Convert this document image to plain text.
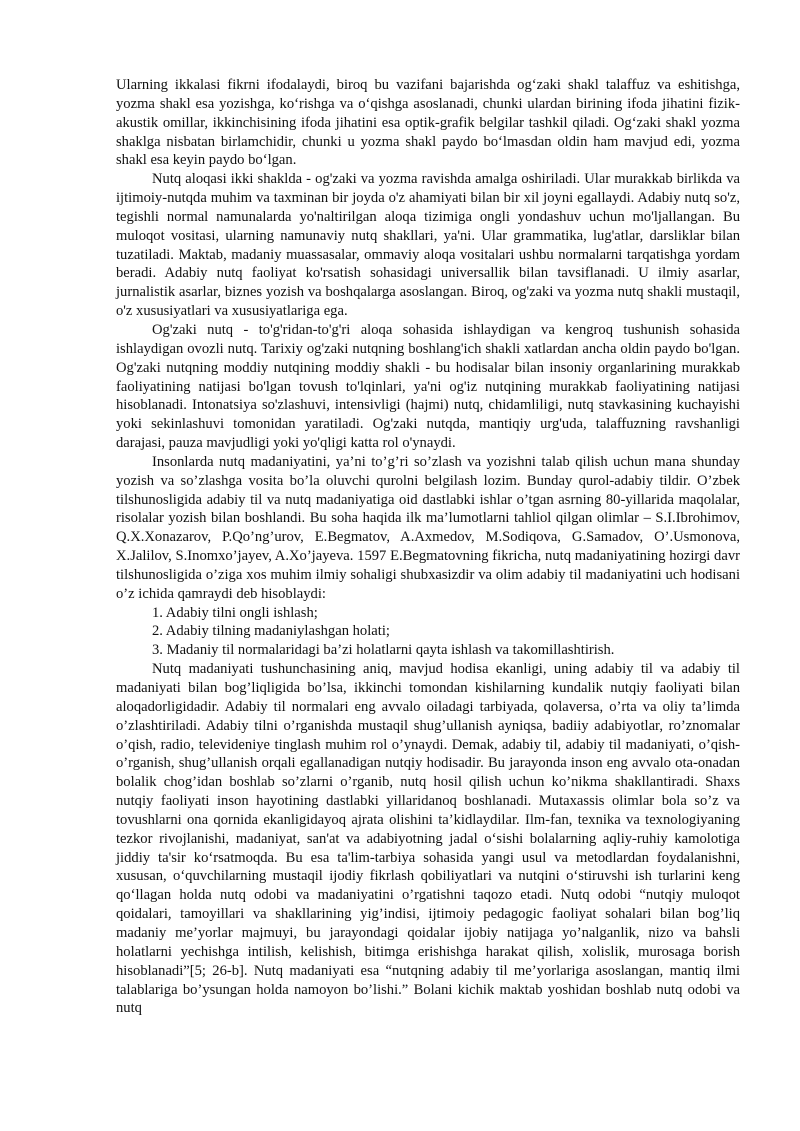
Ularning ikkalasi fikrni ifodalaydi, biroq bu vazifani bajarishda og‘zaki shakl talaffuz va eshitishga, yozma shakl esa yozishga, ko‘rishga va o‘qishga asoslanadi, chunki ulardan birining ifoda jihatini fizik-akustik omillar, ikkinchisining ifoda jihatini esa optik-grafik belgilar tashkil qiladi. Og‘zaki shakl yozma shaklga nisbatan birlamchidir, chunki u yozma shakl paydo bo‘lmasdan oldin ham mavjud edi, yozma shakl esa keyin paydo bo‘lgan.

Nutq aloqasi ikki shaklda - og'zaki va yozma ravishda amalga oshiriladi. Ular murakkab birlikda va ijtimoiy-nutqda muhim va taxminan bir joyda o'z ahamiyati bilan bir xil joyni egallaydi. Adabiy nutq so'z, tegishli normal namunalarda yo'naltirilgan aloqa tizimiga ongli yondashuv uchun mo'ljallangan. Bu muloqot vositasi, ularning namunaviy nutq shakllari, ya'ni. Ular grammatika, lug'atlar, darsliklar bilan tuzatiladi. Maktab, madaniy muassasalar, ommaviy aloqa vositalari ushbu normalarni tarqatishga yordam beradi. Adabiy nutq faoliyat ko'rsatish sohasidagi universallik bilan tavsiflanadi. U ilmiy asarlar, jurnalistik asarlar, biznes yozish va boshqalarga asoslangan. Biroq, og'zaki va yozma nutq shakli mustaqil, o'z xususiyatlari va xususiyatlariga ega.

Og'zaki nutq - to'g'ridan-to'g'ri aloqa sohasida ishlaydigan va kengroq tushunish sohasida ishlaydigan ovozli nutq. Tarixiy og'zaki nutqning boshlang'ich shakli xatlardan ancha oldin paydo bo'lgan. Og'zaki nutqning moddiy nutqining moddiy shakli - bu hodisalar bilan insoniy organlarining murakkab faoliyatining natijasi bo'lgan tovush to'lqinlari, ya'ni og'iz nutqining murakkab faoliyatining natijasi hisoblanadi. Intonatsiya so'zlashuvi, intensivligi (hajmi) nutq, chidamliligi, nutq stavkasining kuchayishi yoki sekinlashuvi tomonidan yaratiladi. Og'zaki nutqda, mantiqiy urg'uda, talaffuzning ravshanligi darajasi, pauza mavjudligi yoki yo'qligi katta rol o'ynaydi.

Insonlarda nutq madaniyatini, ya’ni to’g’ri so’zlash va yozishni talab qilish uchun mana shunday yozish va so’zlashga vosita bo’la oluvchi qurolni belgilash lozim. Bunday qurol-adabiy tildir. O’zbek tilshunosligida adabiy til va nutq madaniyatiga oid dastlabki ishlar o’tgan asrning 80-yillarida maqolalar, risolalar yozish bilan boshlandi. Bu soha haqida ilk ma’lumotlarni tahliol qilgan olimlar – S.I.Ibrohimov, Q.X.Xonazarov, P.Qo’ng’urov, E.Begmatov, A.Axmedov, M.Sodiqova, G.Samadov, O’.Usmonova, X.Jalilov, S.Inomxo’jayev, A.Xo’jayeva. 1597 E.Begmatovning fikricha, nutq madaniyatining hozirgi davr tilshunosligida o’ziga xos muhim ilmiy sohaligi shubxasizdir va olim adabiy til madaniyatini uch hodisani o’z ichida qamraydi deb hisoblaydi:

1. Adabiy tilni ongli ishlash;

2. Adabiy tilning madaniylashgan holati;

3. Madaniy til normalaridagi ba’zi holatlarni qayta ishlash va takomillashtirish.

Nutq madaniyati tushunchasining aniq, mavjud hodisa ekanligi, uning adabiy til va adabiy til madaniyati bilan bog’liqligida bo’lsa, ikkinchi tomondan kishilarning kundalik nutqiy faoliyati bilan aloqadorligidadir. Adabiy til normalari eng avvalo oiladagi tarbiyada, qolaversa, o’rta va oliy ta’limda o’zlashtiriladi. Adabiy tilni o’rganishda mustaqil shug’ullanish ayniqsa, badiiy adabiyotlar, ro’znomalar o’qish, radio, televideniye tinglash muhim rol o’ynaydi. Demak, adabiy til, adabiy til madaniyati, o’qish-o’rganish, shug’ullanish orqali egallanadigan nutqiy hodisadir. Bu jarayonda inson eng avvalo ota-onadan bolalik chog’idan boshlab so’zlarni o’rganib, nutq hosil qilish uchun ko’nikma shakllantiradi. Shaxs nutqiy faoliyati inson hayotining dastlabki yillaridanoq boshlanadi. Mutaxassis olimlar bola so’z va tovushlarni ona qornida ekanligidayoq ajrata olishini ta’kidlaydilar. Ilm-fan, texnika va texnologiyaning tezkor rivojlanishi, madaniyat, san'at va adabiyotning jadal o‘sishi bolalarning aqliy-ruhiy kamolotiga jiddiy ta'sir ko‘rsatmoqda. Bu esa ta'lim-tarbiya sohasida yangi usul va metodlardan foydalanishni, xususan, o‘quvchilarning mustaqil ijodiy fikrlash qobiliyatlari va nutqini o‘stiruvshi ish turlarini keng qo‘llagan holda nutq odobi va madaniyatini o’rgatishni taqozo etadi. Nutq odobi “nutqiy muloqot qoidalari, tamoyillari va shakllarining yig’indisi, ijtimoiy pedagogic faoliyat sohalari bilan bog’liq madaniy me’yorlar majmuyi, bu jarayondagi qoidalar ijobiy natijaga yo’nalganlik, nizo va bahsli holatlarni yechishga intilish, kelishish, bitimga erishishga harakat qilish, xolislik, murosaga borish hisoblanadi”[5; 26-b]. Nutq madaniyati esa “nutqning adabiy til me’yorlariga asoslangan, mantiq ilmi talablariga bo’ysungan holda namoyon bo’lishi.” Bolani kichik maktab yoshidan boshlab nutq odobi va nutq
